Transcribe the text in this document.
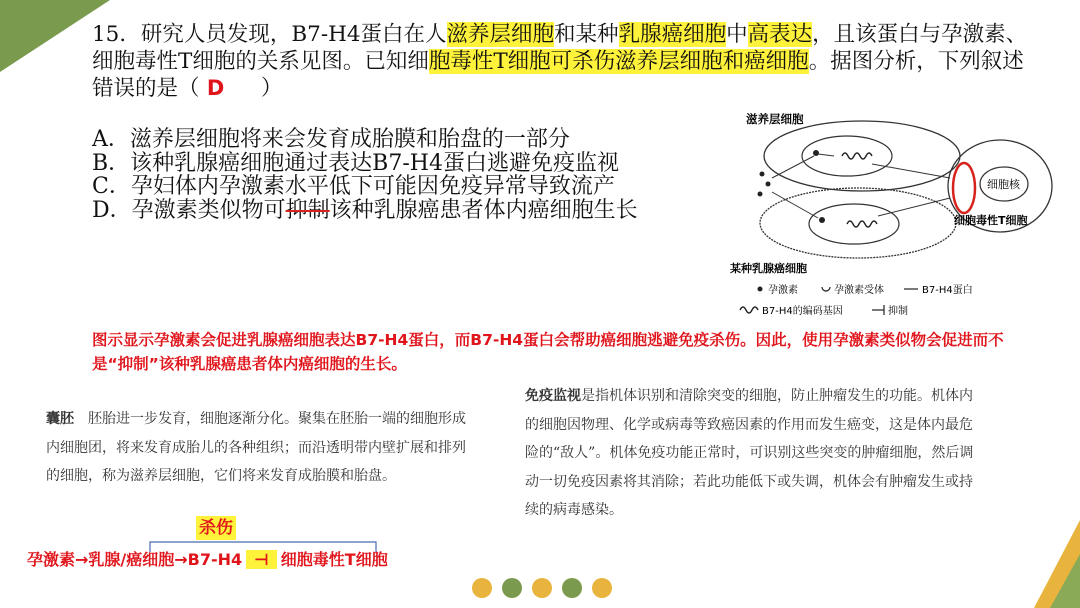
15．研究人员发现，B7-H4蛋白在人滋养层细胞和某种乳腺癌细胞中高表达，且该蛋白与孕激素、细胞毒性T细胞的关系见图。已知细胞毒性T细胞可杀伤滋养层细胞和癌细胞。据图分析，下列叙述错误的是（ D ）
A．滋养层细胞将来会发育成胎膜和胎盘的一部分
B．该种乳腺癌细胞通过表达B7-H4蛋白逃避免疫监视
C．孕妇体内孕激素水平低下可能因免疫异常导致流产
D．孕激素类似物可抑制该种乳腺癌患者体内癌细胞生长
滋养层细胞
细胞核
细胞毒性T细胞
某种乳腺癌细胞
孕激素	孕激素受体	B7-H4蛋白
B7-H4的编码基因	抑制
图示显示孕激素会促进乳腺癌细胞表达B7-H4蛋白，而B7-H4蛋白会帮助癌细胞逃避免疫杀伤。因此，使用孕激素类似物会促进而不是“抑制”该种乳腺癌患者体内癌细胞的生长。
囊胚　胚胎进一步发育，细胞逐渐分化。聚集在胚胎一端的细胞形成内细胞团，将来发育成胎儿的各种组织；而沿透明带内壁扩展和排列的细胞，称为滋养层细胞，它们将来发育成胎膜和胎盘。
免疫监视是指机体识别和清除突变的细胞，防止肿瘤发生的功能。机体内的细胞因物理、化学或病毒等致癌因素的作用而发生癌变，这是体内最危险的“敌人”。机体免疫功能正常时，可识别这些突变的肿瘤细胞，然后调动一切免疫因素将其消除；若此功能低下或失调，机体会有肿瘤发生或持续的病毒感染。
杀伤
孕激素→乳腺/癌细胞→B7-H4 ⊣ 细胞毒性T细胞
